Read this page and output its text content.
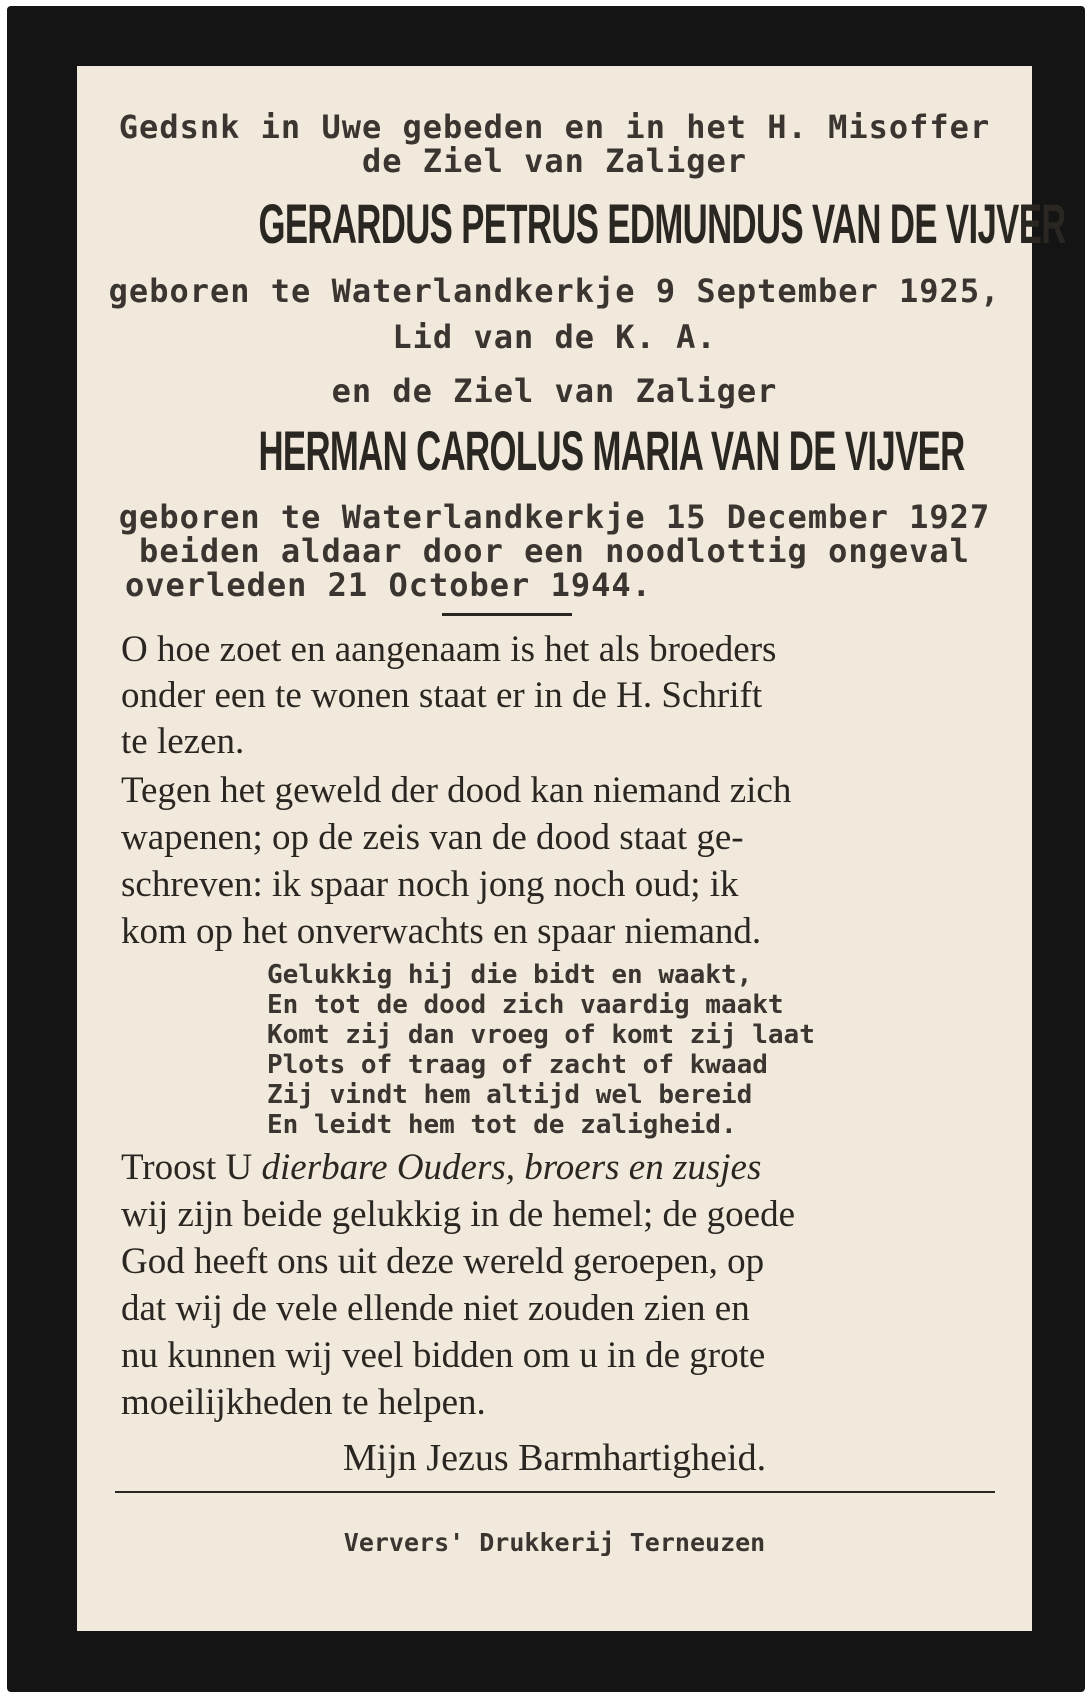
Gedsnk in Uwe gebeden en in het H. Misoffer
de Ziel van Zaliger
GERARDUS PETRUS EDMUNDUS VAN DE VIJVER
geboren te Waterlandkerkje 9 September 1925,
Lid van de K. A.
en de Ziel van Zaliger
HERMAN CAROLUS MARIA VAN DE VIJVER
geboren te Waterlandkerkje 15 December 1927
beiden aldaar door een noodlottig ongeval
overleden 21 October 1944.
O hoe zoet en aangenaam is het als broeders
onder een te wonen staat er in de H. Schrift
te lezen.
Tegen het geweld der dood kan niemand zich
wapenen; op de zeis van de dood staat ge-
schreven: ik spaar noch jong noch oud; ik
kom op het onverwachts en spaar niemand.
Gelukkig hij die bidt en waakt,
En tot de dood zich vaardig maakt
Komt zij dan vroeg of komt zij laat
Plots of traag of zacht of kwaad
Zij vindt hem altijd wel bereid
En leidt hem tot de zaligheid.
Troost U dierbare Ouders, broers en zusjes
wij zijn beide gelukkig in de hemel; de goede
God heeft ons uit deze wereld geroepen, op
dat wij de vele ellende niet zouden zien en
nu kunnen wij veel bidden om u in de grote
moeilijkheden te helpen.
Mijn Jezus Barmhartigheid.
Ververs' Drukkerij Terneuzen
